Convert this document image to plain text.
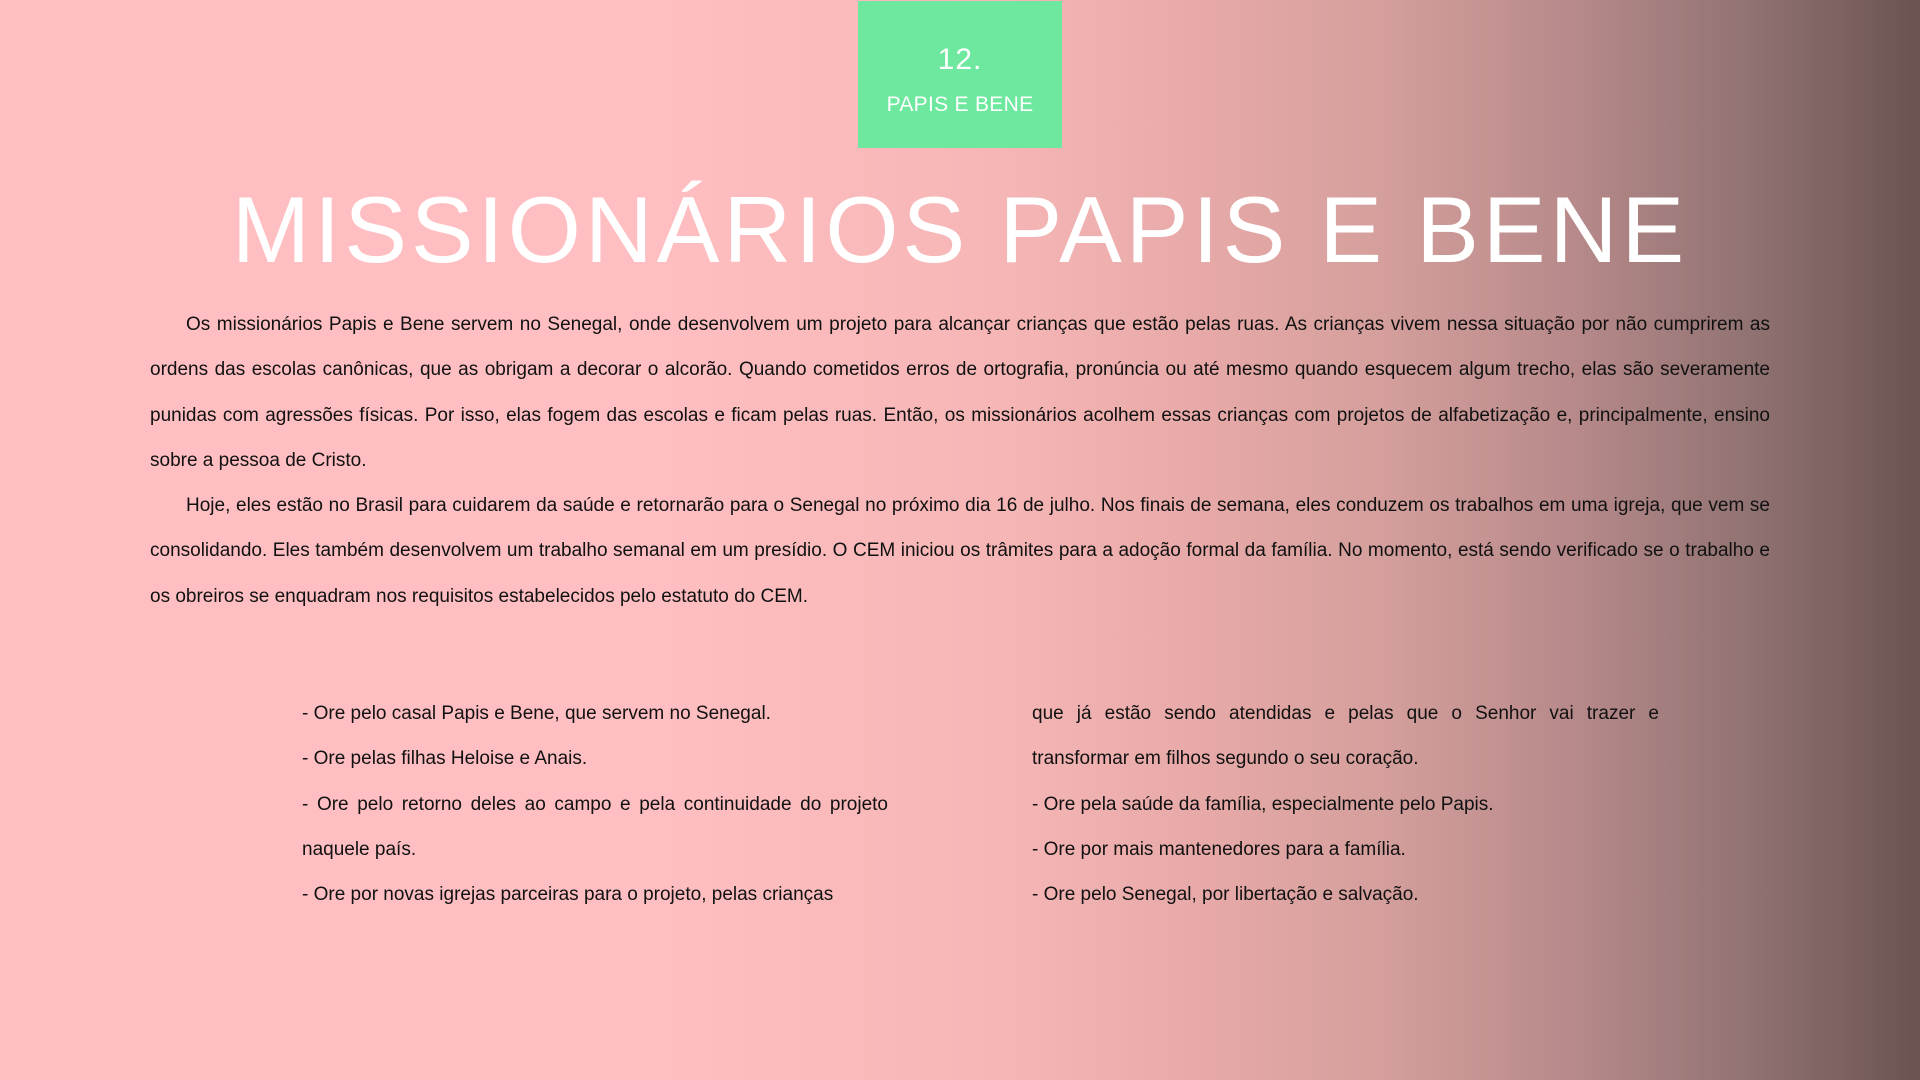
12.
PAPIS E BENE
MISSIONÁRIOS PAPIS E BENE

Os missionários Papis e Bene servem no Senegal, onde desenvolvem um projeto para alcançar crianças que estão pelas ruas. As crianças vivem nessa situação por não cumprirem as ordens das escolas canônicas, que as obrigam a decorar o alcorão. Quando cometidos erros de ortografia, pronúncia ou até mesmo quando esquecem algum trecho, elas são severamente punidas com agressões físicas. Por isso, elas fogem das escolas e ficam pelas ruas. Então, os missionários acolhem essas crianças com projetos de alfabetização e, principalmente, ensino sobre a pessoa de Cristo.

Hoje, eles estão no Brasil para cuidarem da saúde e retornarão para o Senegal no próximo dia 16 de julho. Nos finais de semana, eles conduzem os trabalhos em uma igreja, que vem se consolidando. Eles também desenvolvem um trabalho semanal em um presídio. O CEM iniciou os trâmites para a adoção formal da família. No momento, está sendo verificado se o trabalho e os obreiros se enquadram nos requisitos estabelecidos pelo estatuto do CEM.

- Ore pelo casal Papis e Bene, que servem no Senegal.
- Ore pelas filhas Heloise e Anais.
- Ore pelo retorno deles ao campo e pela continuidade do projeto naquele país.
- Ore por novas igrejas parceiras para o projeto, pelas crianças
que já estão sendo atendidas e pelas que o Senhor vai trazer e transformar em filhos segundo o seu coração.
- Ore pela saúde da família, especialmente pelo Papis.
- Ore por mais mantenedores para a família.
- Ore pelo Senegal, por libertação e salvação.
